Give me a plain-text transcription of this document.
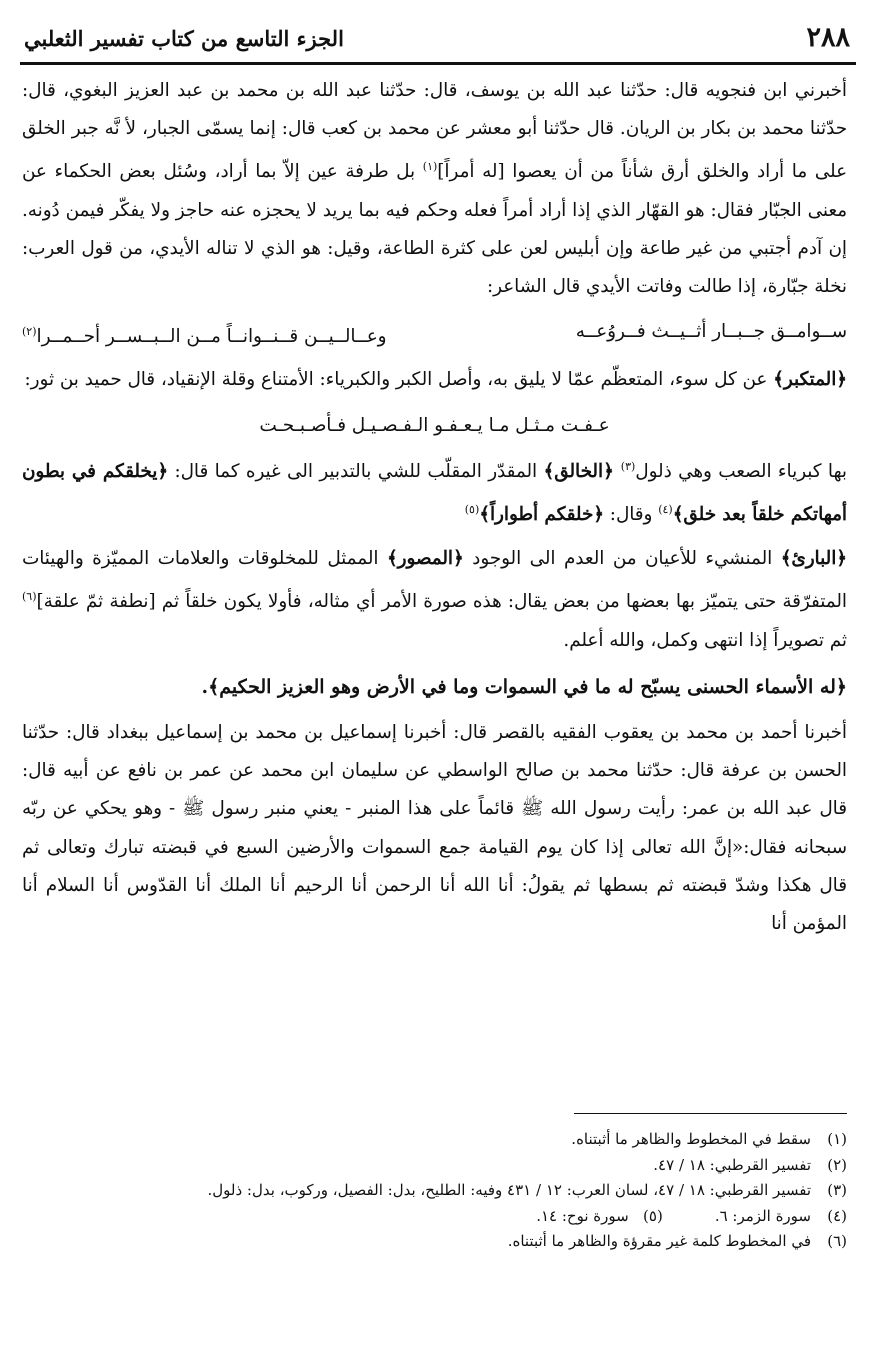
٢٨٨
الجزء التاسع من كتاب تفسير الثعلبي

أخبرني ابن فنجويه قال: حدّثنا عبد الله بن يوسف، قال: حدّثنا عبد الله بن محمد بن عبد العزيز البغوي، قال: حدّثنا محمد بن بكار بن الريان. قال حدّثنا أبو معشر عن محمد بن كعب قال: إنما يسمّى الجبار، لأ نَّه جبر الخلق على ما أراد والخلق أرق شأناً من أن يعصوا [له أمراً]$^{(١)}$ بل طرفة عين إلاّ بما أراد، وسُئل بعض الحكماء عن معنى الجبّار فقال: هو القهّار الذي إذا أراد أمراً فعله وحكم فيه بما يريد لا يحجزه عنه حاجز ولا يفكّر فيمن دُونه. إن آدم أجتبي من غير طاعة وإن أبليس لعن على كثرة الطاعة، وقيل: هو الذي لا تناله الأيدي، من قول العرب: نخلة جبّارة، إذا طالت وفاتت الأيدي قال الشاعر:

ســوامــق جــبــار أثــيــث فــروُعــه
وعــالــيــن قــنــوانــاً مــن الــبــســر أحــمــرا$^{(٢)}$

﴿المتكبر﴾ عن كل سوء، المتعظّم عمّا لا يليق به، وأصل الكبر والكبرياء: الأمتناع وقلة الإنقياد، قال حميد بن ثور:

عـفـت مـثـل مـا يـعـفـو الـفـصـيـل فـأصـبـحـت

بها كبرياء الصعب وهي ذلول$^{(٣)}$ ﴿الخالق﴾ المقدّر المقلّب للشي بالتدبير الى غيره كما قال: ﴿يخلقكم في بطون أمهاتكم خلقاً بعد خلق﴾$^{(٤)}$ وقال: ﴿خلقكم أطواراً﴾$^{(٥)}$

﴿البارئ﴾ المنشيء للأعيان من العدم الى الوجود ﴿المصور﴾ الممثل للمخلوقات والعلامات المميّزة والهيئات المتفرّقة حتى يتميّز بها بعضها من بعض يقال: هذه صورة الأمر أي مثاله، فأولا يكون خلقاً ثم [نطفة ثمّ علقة]$^{(٦)}$ ثم تصويراً إذا انتهى وكمل، والله أعلم.

﴿له الأسماء الحسنى يسبّح له ما في السموات وما في الأرض وهو العزيز الحكيم﴾.

أخبرنا أحمد بن محمد بن يعقوب الفقيه بالقصر قال: أخبرنا إسماعيل بن محمد بن إسماعيل ببغداد قال: حدّثنا الحسن بن عرفة قال: حدّثنا محمد بن صالح الواسطي عن سليمان ابن محمد عن عمر بن نافع عن أبيه قال: قال عبد الله بن عمر: رأيت رسول الله ﷺ قائماً على هذا المنبر - يعني منبر رسول ﷺ - وهو يحكي عن ربّه سبحانه فقال:«إنَّ الله تعالى إذا كان يوم القيامة جمع السموات والأرضين السبع في قبضته تبارك وتعالى ثم قال هكذا وشدّ قبضته ثم بسطها ثم يقولُ: أنا الله أنا الرحمن أنا الرحيم أنا الملك أنا القدّوس أنا السلام أنا المؤمن أنا

(١)
سقط في المخطوط والظاهر ما أثبتناه.
(٢)
تفسير القرطبي: ١٨ / ٤٧.
(٣)
تفسير القرطبي: ١٨ / ٤٧، لسان العرب: ١٢ / ٤٣١ وفيه: الطليح، بدل: الفصيل، وركوب، بدل: ذلول.
(٤)
سورة الزمر: ٦.(٥)   سورة نوح: ١٤.
(٦)
في المخطوط كلمة غير مقرؤة والظاهر ما أثبتناه.
